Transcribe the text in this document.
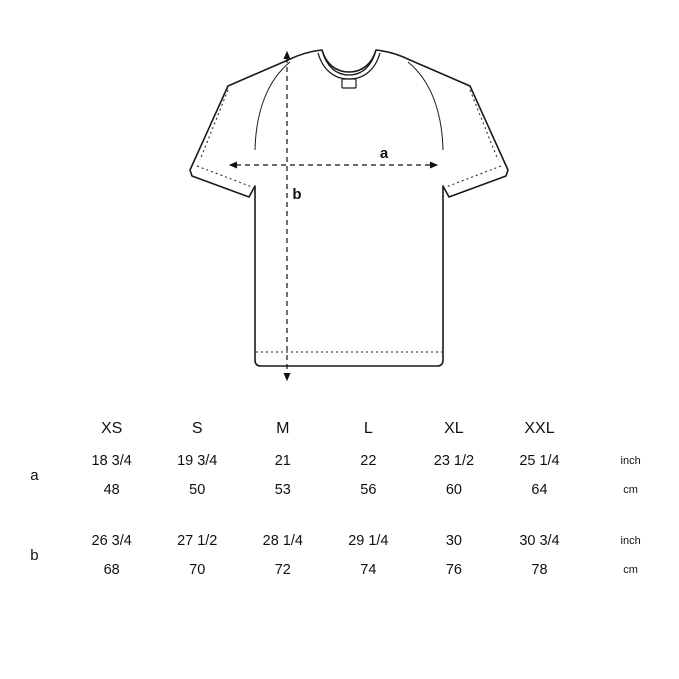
a
b
	XS	S	M	L	XL	XXL	
a	18 3/4	19 3/4	21	22	23 1/2	25 1/4	inch
	48	50	53	56	60	64	cm

b	26 3/4	27 1/2	28 1/4	29 1/4	30	30 3/4	inch
	68	70	72	74	76	78	cm
